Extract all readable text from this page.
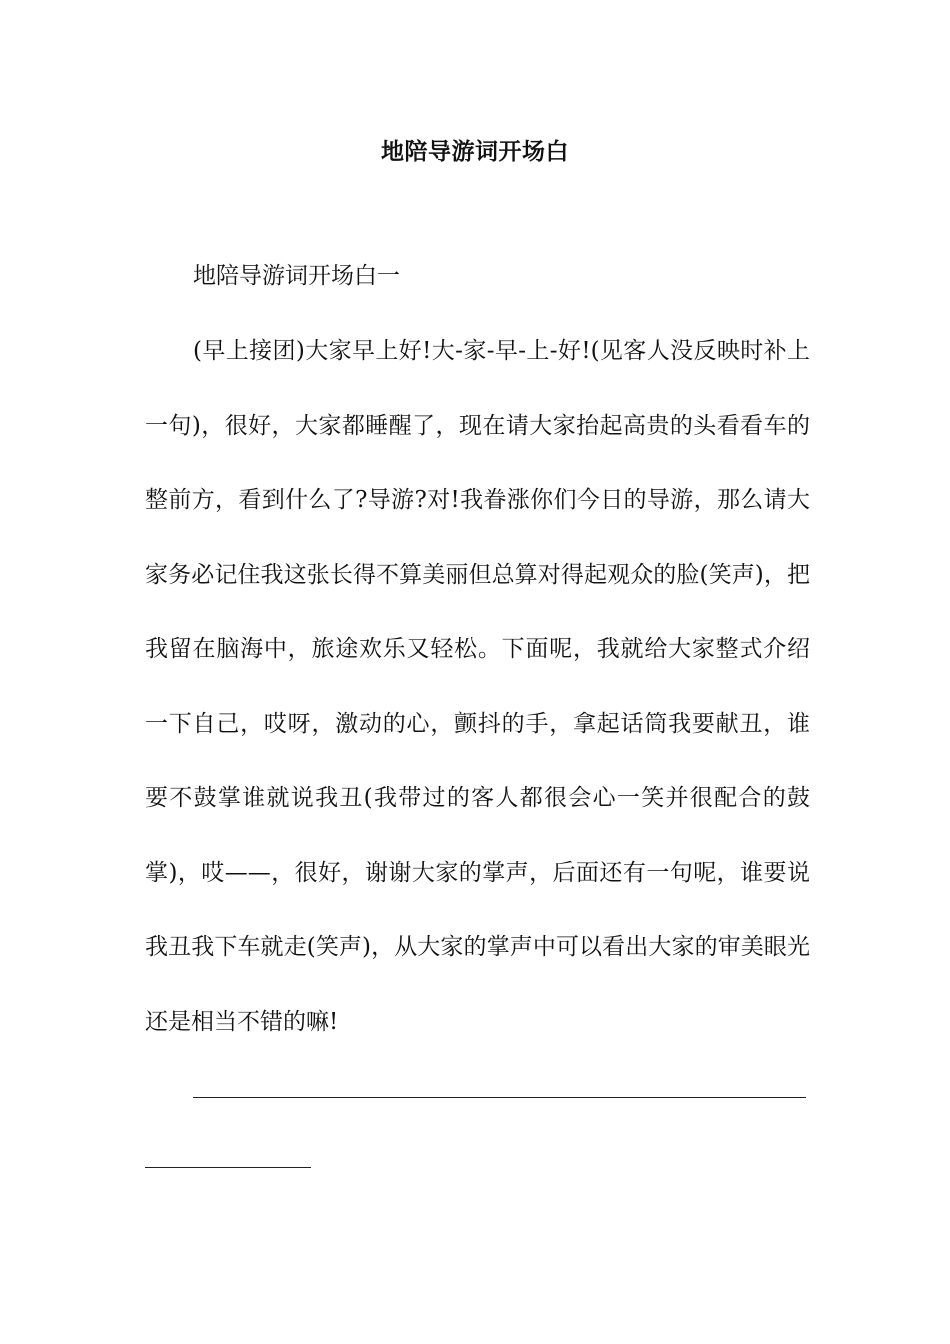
地陪导游词开场白
地陪导游词开场白一
(早上接团)大家早上好!大-家-早-上-好!(见客人没反映时补上一句)，很好，大家都睡醒了，现在请大家抬起高贵的头看看车的整前方，看到什么了?导游?对!我眷涨你们今日的导游，那么请大家务必记住我这张长得不算美丽但总算对得起观众的脸(笑声)，把我留在脑海中，旅途欢乐又轻松。下面呢，我就给大家整式介绍一下自己，哎呀，激动的心，颤抖的手，拿起话筒我要献丑，谁要不鼓掌谁就说我丑(我带过的客人都很会心一笑并很配合的鼓掌)，哎——，很好，谢谢大家的掌声，后面还有一句呢，谁要说我丑我下车就走(笑声)，从大家的掌声中可以看出大家的审美眼光还是相当不错的嘛!
